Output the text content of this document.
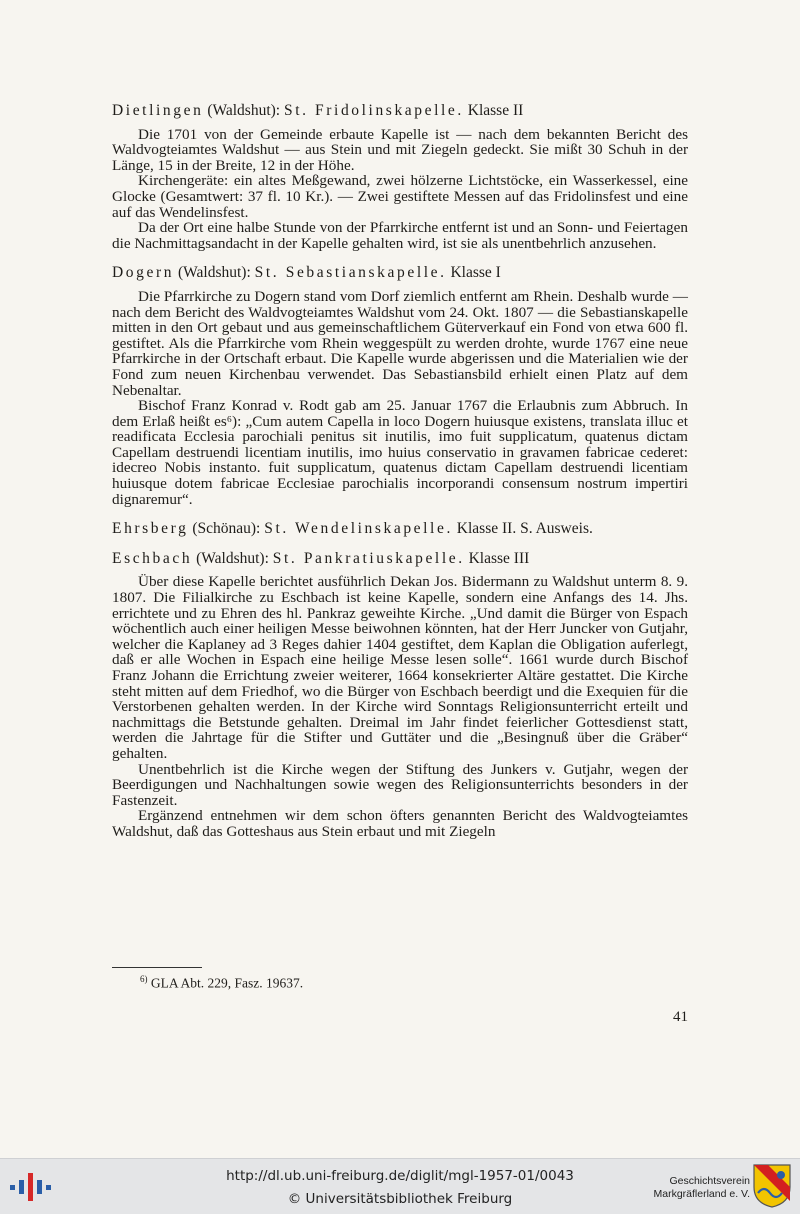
Dietlingen (Waldshut): St. Fridolinskapelle. Klasse II

Die 1701 von der Gemeinde erbaute Kapelle ist — nach dem bekannten Bericht des Waldvogteiamtes Waldshut — aus Stein und mit Ziegeln gedeckt. Sie mißt 30 Schuh in der Länge, 15 in der Breite, 12 in der Höhe.

Kirchengeräte: ein altes Meßgewand, zwei hölzerne Lichtstöcke, ein Wasserkessel, eine Glocke (Gesamtwert: 37 fl. 10 Kr.). — Zwei gestiftete Messen auf das Fridolinsfest und eine auf das Wendelinsfest.

Da der Ort eine halbe Stunde von der Pfarrkirche entfernt ist und an Sonn- und Feiertagen die Nachmittagsandacht in der Kapelle gehalten wird, ist sie als unentbehrlich anzusehen.

Dogern (Waldshut): St. Sebastianskapelle. Klasse I

Die Pfarrkirche zu Dogern stand vom Dorf ziemlich entfernt am Rhein. Deshalb wurde — nach dem Bericht des Waldvogteiamtes Waldshut vom 24. Okt. 1807 — die Sebastianskapelle mitten in den Ort gebaut und aus gemeinschaftlichem Güterverkauf ein Fond von etwa 600 fl. gestiftet. Als die Pfarrkirche vom Rhein weggespült zu werden drohte, wurde 1767 eine neue Pfarrkirche in der Ortschaft erbaut. Die Kapelle wurde abgerissen und die Materialien wie der Fond zum neuen Kirchenbau verwendet. Das Sebastiansbild erhielt einen Platz auf dem Nebenaltar.

Bischof Franz Konrad v. Rodt gab am 25. Januar 1767 die Erlaubnis zum Abbruch. In dem Erlaß heißt es⁶): „Cum autem Capella in loco Dogern huiusque existens, translata illuc et readificata Ecclesia parochiali penitus sit inutilis, imo fuit supplicatum, quatenus dictam Capellam destruendi licentiam inutilis, imo huius conservatio in gravamen fabricae cederet: idecreo Nobis instanto. fuit supplicatum, quatenus dictam Capellam destruendi licentiam huiusque dotem fabricae Ecclesiae parochialis incorporandi consensum nostrum impertiri dignaremur“.

Ehrsberg (Schönau): St. Wendelinskapelle. Klasse II. S. Ausweis.

Eschbach (Waldshut): St. Pankratiuskapelle. Klasse III

Über diese Kapelle berichtet ausführlich Dekan Jos. Bidermann zu Waldshut unterm 8. 9. 1807. Die Filialkirche zu Eschbach ist keine Kapelle, sondern eine Anfangs des 14. Jhs. errichtete und zu Ehren des hl. Pankraz geweihte Kirche. „Und damit die Bürger von Espach wöchentlich auch einer heiligen Messe beiwohnen könnten, hat der Herr Juncker von Gutjahr, welcher die Kaplaney ad 3 Reges dahier 1404 gestiftet, dem Kaplan die Obligation auferlegt, daß er alle Wochen in Espach eine heilige Messe lesen solle“. 1661 wurde durch Bischof Franz Johann die Errichtung zweier weiterer, 1664 konsekrierter Altäre gestattet. Die Kirche steht mitten auf dem Friedhof, wo die Bürger von Eschbach beerdigt und die Exequien für die Verstorbenen gehalten werden. In der Kirche wird Sonntags Religionsunterricht erteilt und nachmittags die Betstunde gehalten. Dreimal im Jahr findet feierlicher Gottesdienst statt, werden die Jahrtage für die Stifter und Guttäter und die „Besingnuß über die Gräber“ gehalten.

Unentbehrlich ist die Kirche wegen der Stiftung des Junkers v. Gutjahr, wegen der Beerdigungen und Nachhaltungen sowie wegen des Religionsunterrichts besonders in der Fastenzeit.

Ergänzend entnehmen wir dem schon öfters genannten Bericht des Waldvogteiamtes Waldshut, daß das Gotteshaus aus Stein erbaut und mit Ziegeln

$^{6)}$ GLA Abt. 229, Fasz. 19637.
41
http://dl.ub.uni-freiburg.de/diglit/mgl-1957-01/0043
© Universitätsbibliothek Freiburg
Geschichtsverein
Markgräflerland e. V.
